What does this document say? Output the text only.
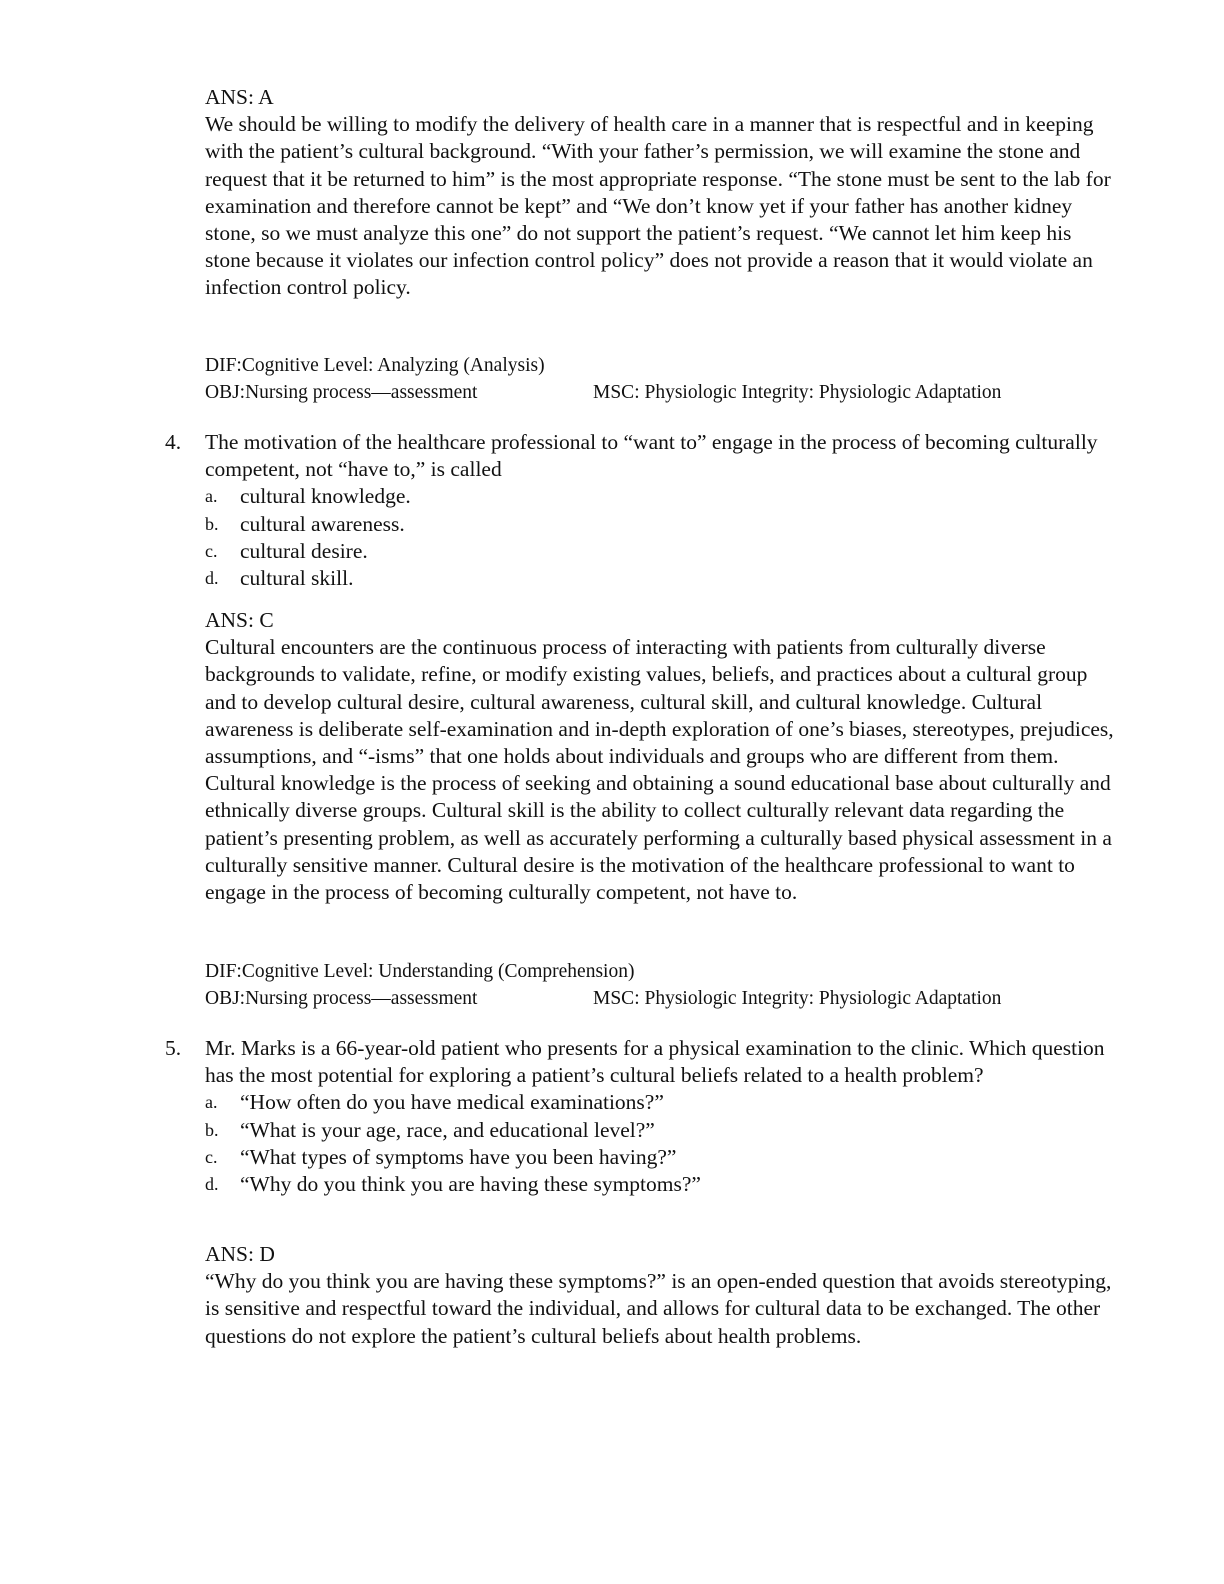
ANS: A

We should be willing to modify the delivery of health care in a manner that is respectful and in keeping with the patient’s cultural background. “With your father’s permission, we will examine the stone and request that it be returned to him” is the most appropriate response. “The stone must be sent to the lab for examination and therefore cannot be kept” and “We don’t know yet if your father has another kidney stone, so we must analyze this one” do not support the patient’s request. “We cannot let him keep his stone because it violates our infection control policy” does not provide a reason that it would violate an infection control policy.

DIF:Cognitive Level: Analyzing (Analysis)
OBJ:Nursing process—assessment	MSC: Physiologic Integrity: Physiologic Adaptation
4. The motivation of the healthcare professional to “want to” engage in the process of becoming culturally competent, not “have to,” is called
a. cultural knowledge.
b. cultural awareness.
c. cultural desire.
d. cultural skill.

ANS: C

Cultural encounters are the continuous process of interacting with patients from culturally diverse backgrounds to validate, refine, or modify existing values, beliefs, and practices about a cultural group and to develop cultural desire, cultural awareness, cultural skill, and cultural knowledge. Cultural awareness is deliberate self-examination and in-depth exploration of one’s biases, stereotypes, prejudices, assumptions, and “-isms” that one holds about individuals and groups who are different from them. Cultural knowledge is the process of seeking and obtaining a sound educational base about culturally and ethnically diverse groups. Cultural skill is the ability to collect culturally relevant data regarding the patient’s presenting problem, as well as accurately performing a culturally based physical assessment in a culturally sensitive manner. Cultural desire is the motivation of the healthcare professional to want to engage in the process of becoming culturally competent, not have to.

DIF:Cognitive Level: Understanding (Comprehension)
OBJ:Nursing process—assessment	MSC: Physiologic Integrity: Physiologic Adaptation
5. Mr. Marks is a 66-year-old patient who presents for a physical examination to the clinic. Which question has the most potential for exploring a patient’s cultural beliefs related to a health problem?
a. “How often do you have medical examinations?”
b. “What is your age, race, and educational level?”
c. “What types of symptoms have you been having?”
d. “Why do you think you are having these symptoms?”

ANS: D

“Why do you think you are having these symptoms?” is an open-ended question that avoids stereotyping, is sensitive and respectful toward the individual, and allows for cultural data to be exchanged. The other questions do not explore the patient’s cultural beliefs about health problems.
